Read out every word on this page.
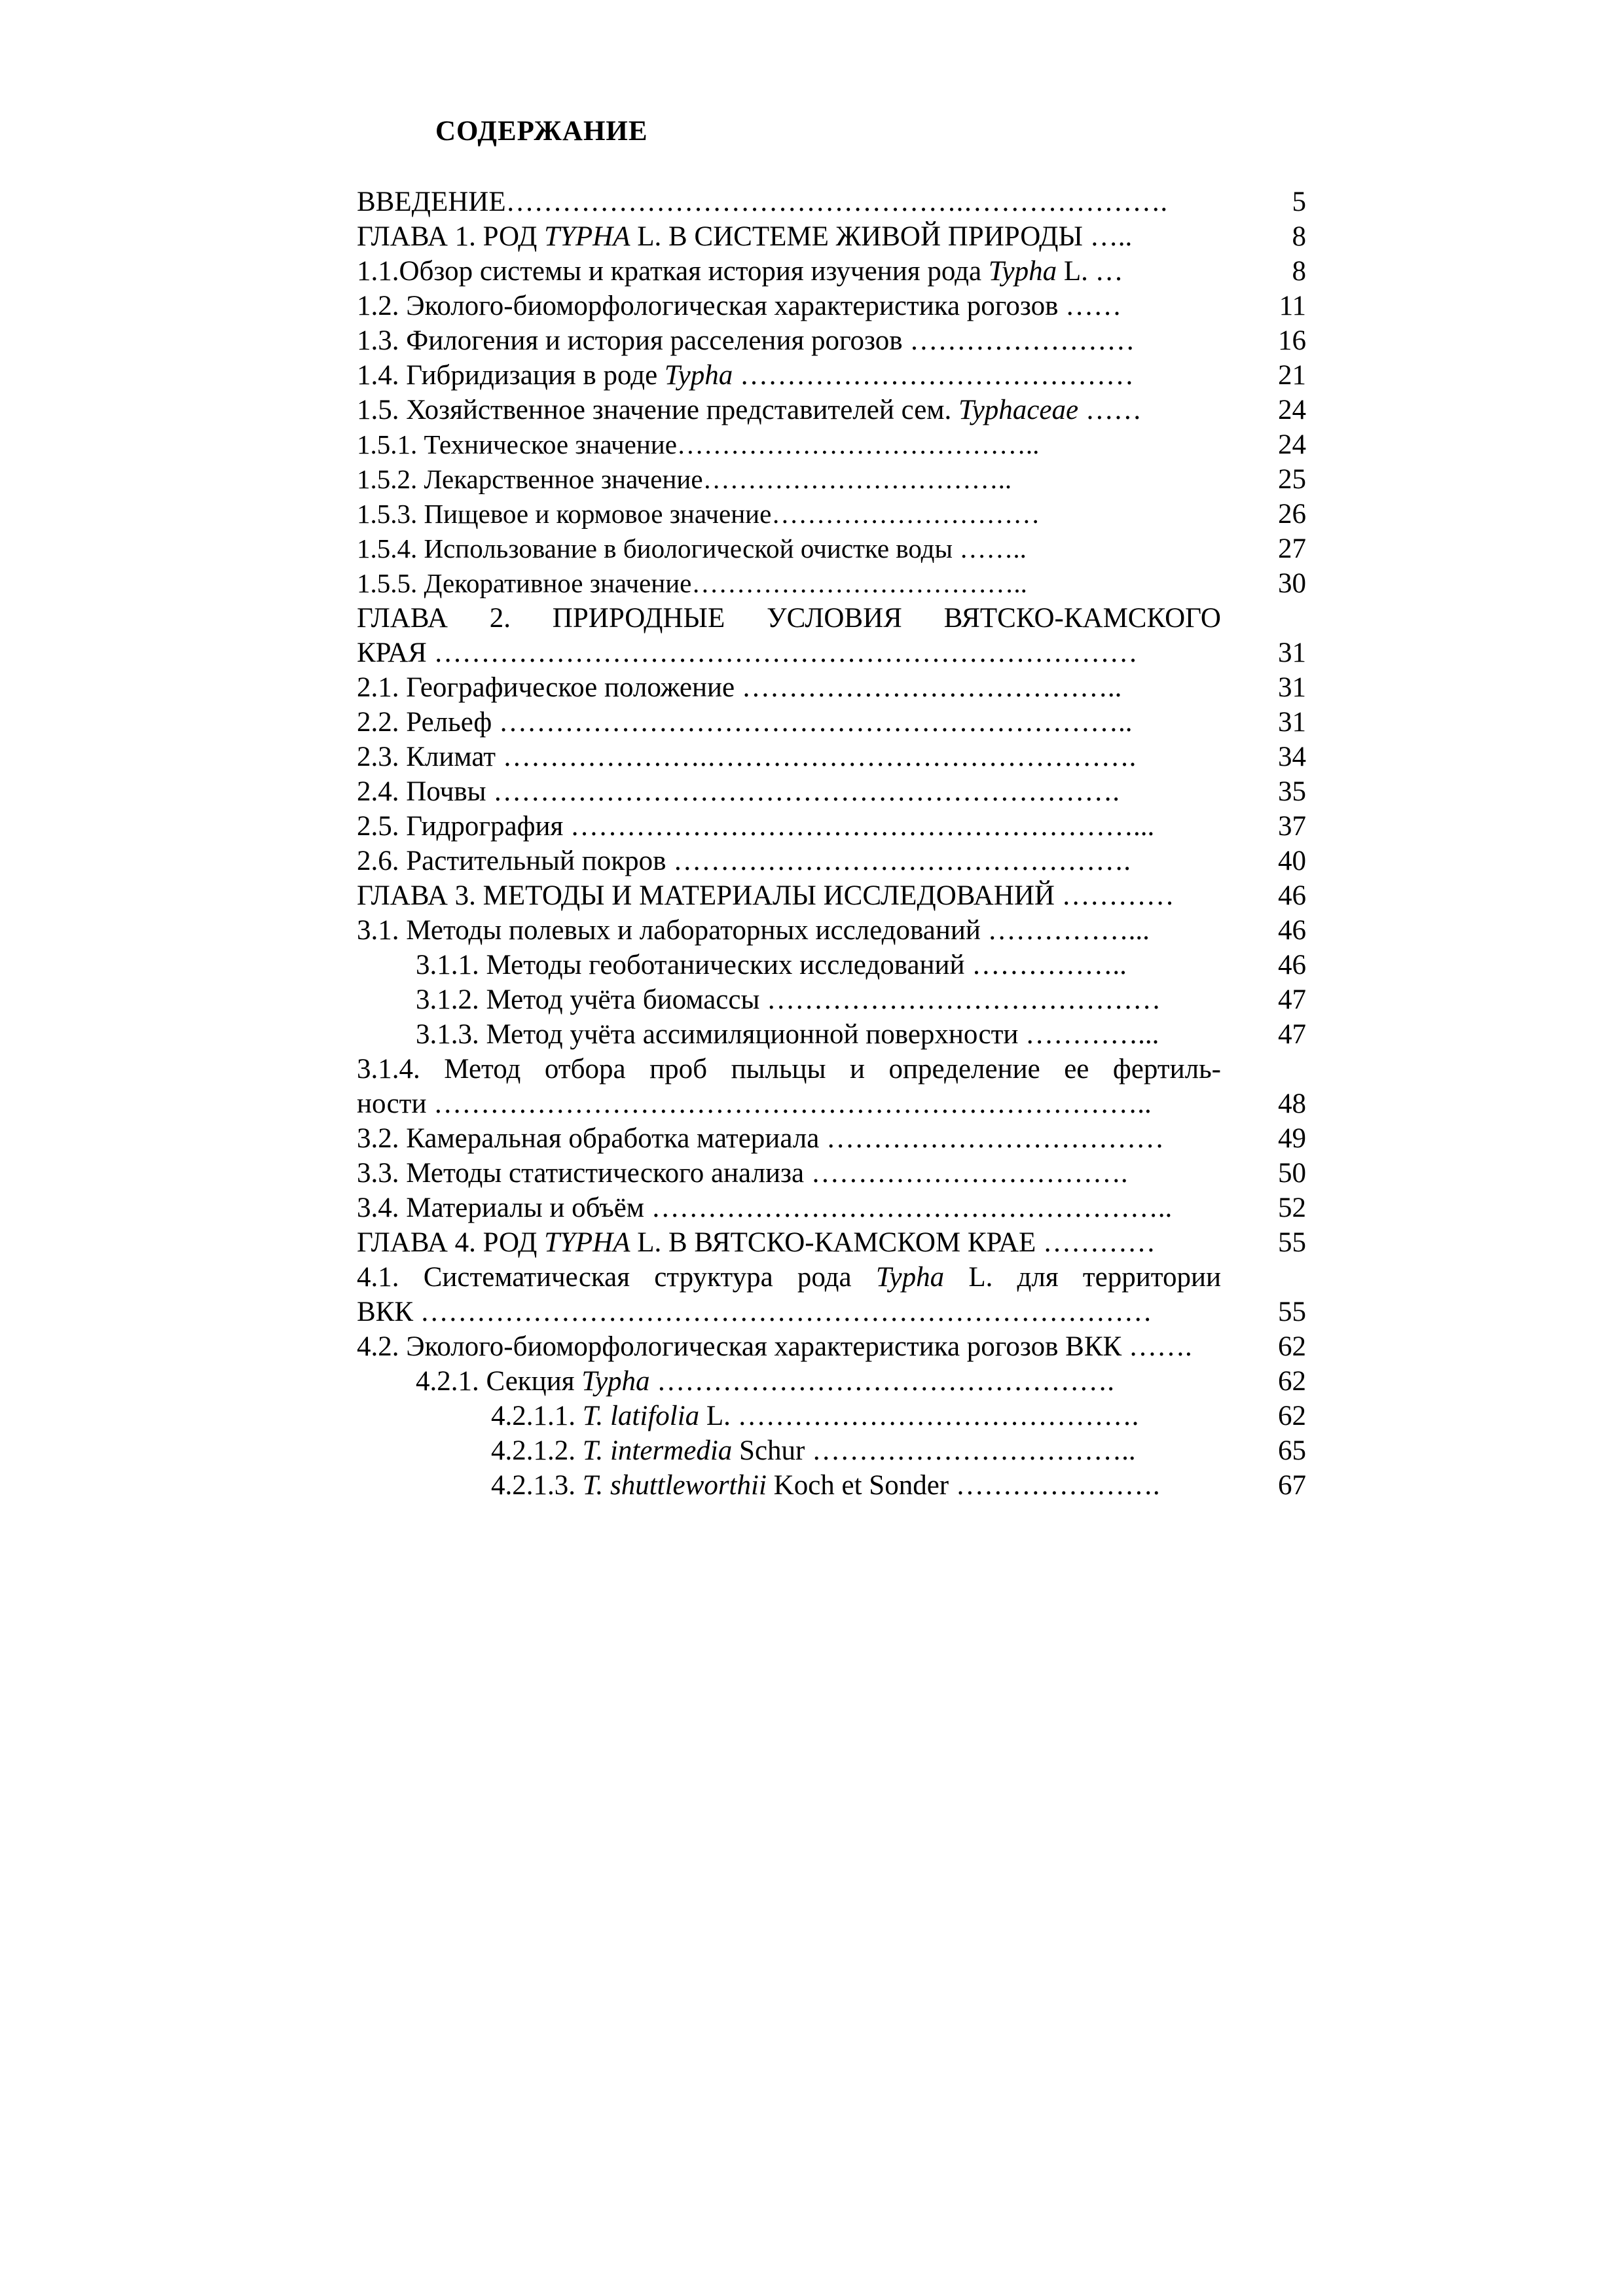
СОДЕРЖАНИЕ
ВВЕДЕНИЕ………………………………………….………………….	5
ГЛАВА 1. РОД TYPHA L. В СИСТЕМЕ ЖИВОЙ ПРИРОДЫ …..	8
1.1.Обзор системы и краткая история изучения рода Typha L. …	8
1.2. Эколого-биоморфологическая характеристика рогозов ……	11
1.3. Филогения и история расселения рогозов ……………………	16
1.4. Гибридизация в роде Typha ……………………………………	21
1.5. Хозяйственное значение представителей сем. Typhaceae ……	24
1.5.1. Техническое значение…………………………………..	24
1.5.2. Лекарственное значение……………………………..	25
1.5.3. Пищевое и кормовое значение…………………………	26
1.5.4. Использование в биологической очистке воды ……..	27
1.5.5. Декоративное значение………………………………..	30
ГЛАВА 2. ПРИРОДНЫЕ УСЛОВИЯ ВЯТСКО-КАМСКОГО
КРАЯ …………………………………………………………………	31
2.1. Географическое положение …………………………………..	31
2.2. Рельеф …………………………………………………………..	31
2.3. Климат ………………….……………………………………….	34
2.4. Почвы ………………………………………………………….	35
2.5. Гидрография ……………………………………………………...	37
2.6. Растительный покров ………………………………………….	40
ГЛАВА 3. МЕТОДЫ И МАТЕРИАЛЫ ИССЛЕДОВАНИЙ …………	46
3.1. Методы полевых и лабораторных исследований ……………...	46
3.1.1. Методы геоботанических исследований ……………..	46
3.1.2. Метод учёта биомассы ……………………………………	47
3.1.3. Метод учёта ассимиляционной поверхности …………...	47
3.1.4. Метод отбора проб пыльцы и определение ее фертиль-
ности …………………………………………………………………..	48
3.2. Камеральная обработка материала ………………………………	49
3.3. Методы статистического анализа …………………………….	50
3.4. Материалы и объём ………………………………………………..	52
ГЛАВА 4. РОД TYPHA L. В ВЯТСКО-КАМСКОМ КРАЕ …………	55
4.1. Систематическая структура рода Typha L. для территории
ВКК ……………………………………………………………………	55
4.2. Эколого-биоморфологическая характеристика рогозов ВКК …….	62
4.2.1. Секция Typha ………………………………………….	62
4.2.1.1. T. latifolia L. …………………………………….	62
4.2.1.2. T. intermedia Schur ……………………………..	65
4.2.1.3. T. shuttleworthii Koch et Sonder ………………….	67
